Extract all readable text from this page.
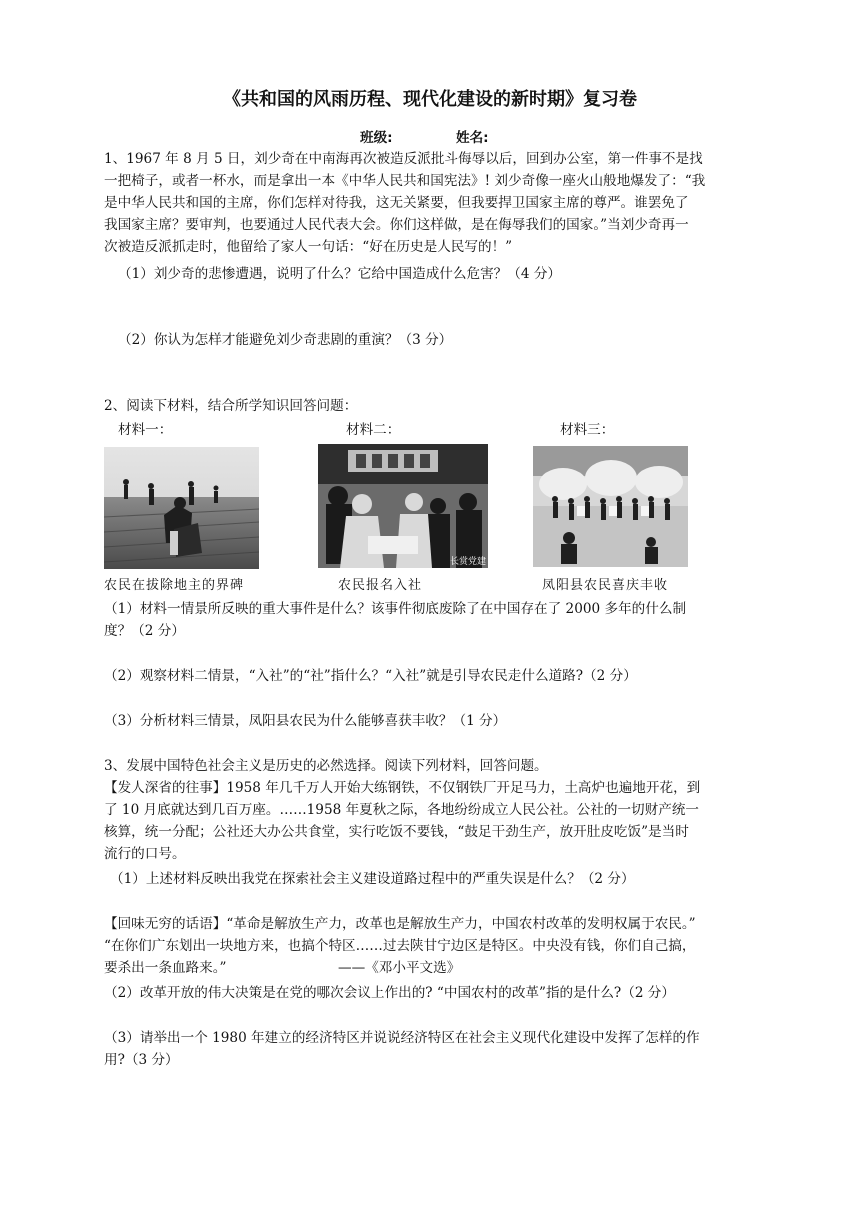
《共和国的风雨历程、现代化建设的新时期》复习卷
班级:	姓名:
1、1967 年 8 月 5 日，刘少奇在中南海再次被造反派批斗侮辱以后，回到办公室，第一件事不是找
一把椅子，或者一杯水，而是拿出一本《中华人民共和国宪法》! 刘少奇像一座火山般地爆发了：“我
是中华人民共和国的主席，你们怎样对待我，这无关紧要，但我要捍卫国家主席的尊严。谁罢免了
我国家主席？要审判，也要通过人民代表大会。你们这样做，是在侮辱我们的国家。”当刘少奇再一
次被造反派抓走时，他留给了家人一句话：“好在历史是人民写的！”
（1）刘少奇的悲惨遭遇，说明了什么？它给中国造成什么危害？（4 分）
（2）你认为怎样才能避免刘少奇悲剧的重演？（3 分）
2、阅读下材料，结合所学知识回答问题：
材料一：	材料二：	材料三：
长赏党建
农民在拔除地主的界碑	农民报名入社	凤阳县农民喜庆丰收
（1）材料一情景所反映的重大事件是什么？该事件彻底废除了在中国存在了 2000 多年的什么制
度？（2 分）
（2）观察材料二情景，“入社”的“社”指什么？“入社”就是引导农民走什么道路?（2 分）
（3）分析材料三情景，凤阳县农民为什么能够喜获丰收？（1 分）
3、发展中国特色社会主义是历史的必然选择。阅读下列材料，回答问题。
【发人深省的往事】1958 年几千万人开始大练钢铁，不仅钢铁厂开足马力，土高炉也遍地开花，到
了 10 月底就达到几百万座。……1958 年夏秋之际，各地纷纷成立人民公社。公社的一切财产统一
核算，统一分配；公社还大办公共食堂，实行吃饭不要钱，“鼓足干劲生产，放开肚皮吃饭”是当时
流行的口号。
（1）上述材料反映出我党在探索社会主义建设道路过程中的严重失误是什么？（2 分）
【回味无穷的话语】“革命是解放生产力，改革也是解放生产力，中国农村改革的发明权属于农民。”
“在你们广东划出一块地方来，也搞个特区……过去陕甘宁边区是特区。中央没有钱，你们自己搞，
要杀出一条血路来。”	——《邓小平文选》
（2）改革开放的伟大决策是在党的哪次会议上作出的? “中国农村的改革”指的是什么?（2 分）
（3）请举出一个 1980 年建立的经济特区并说说经济特区在社会主义现代化建设中发挥了怎样的作
用?（3 分）
